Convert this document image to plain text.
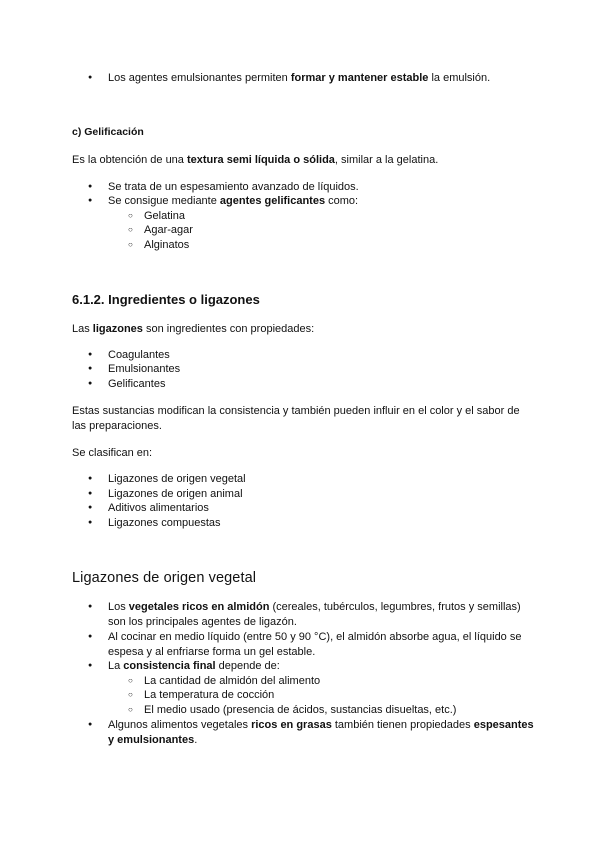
● Los agentes emulsionantes permiten formar y mantener estable la emulsión.
c) Gelificación
Es la obtención de una textura semi líquida o sólida, similar a la gelatina.
● Se trata de un espesamiento avanzado de líquidos.
● Se consigue mediante agentes gelificantes como:
○ Gelatina
○ Agar-agar
○ Alginatos
6.1.2. Ingredientes o ligazones
Las ligazones son ingredientes con propiedades:
● Coagulantes
● Emulsionantes
● Gelificantes
Estas sustancias modifican la consistencia y también pueden influir en el color y el sabor de las preparaciones.
Se clasifican en:
● Ligazones de origen vegetal
● Ligazones de origen animal
● Aditivos alimentarios
● Ligazones compuestas
Ligazones de origen vegetal
● Los vegetales ricos en almidón (cereales, tubérculos, legumbres, frutos y semillas) son los principales agentes de ligazón.
● Al cocinar en medio líquido (entre 50 y 90 °C), el almidón absorbe agua, el líquido se espesa y al enfriarse forma un gel estable.
● La consistencia final depende de:
○ La cantidad de almidón del alimento
○ La temperatura de cocción
○ El medio usado (presencia de ácidos, sustancias disueltas, etc.)
● Algunos alimentos vegetales ricos en grasas también tienen propiedades espesantes y emulsionantes.
